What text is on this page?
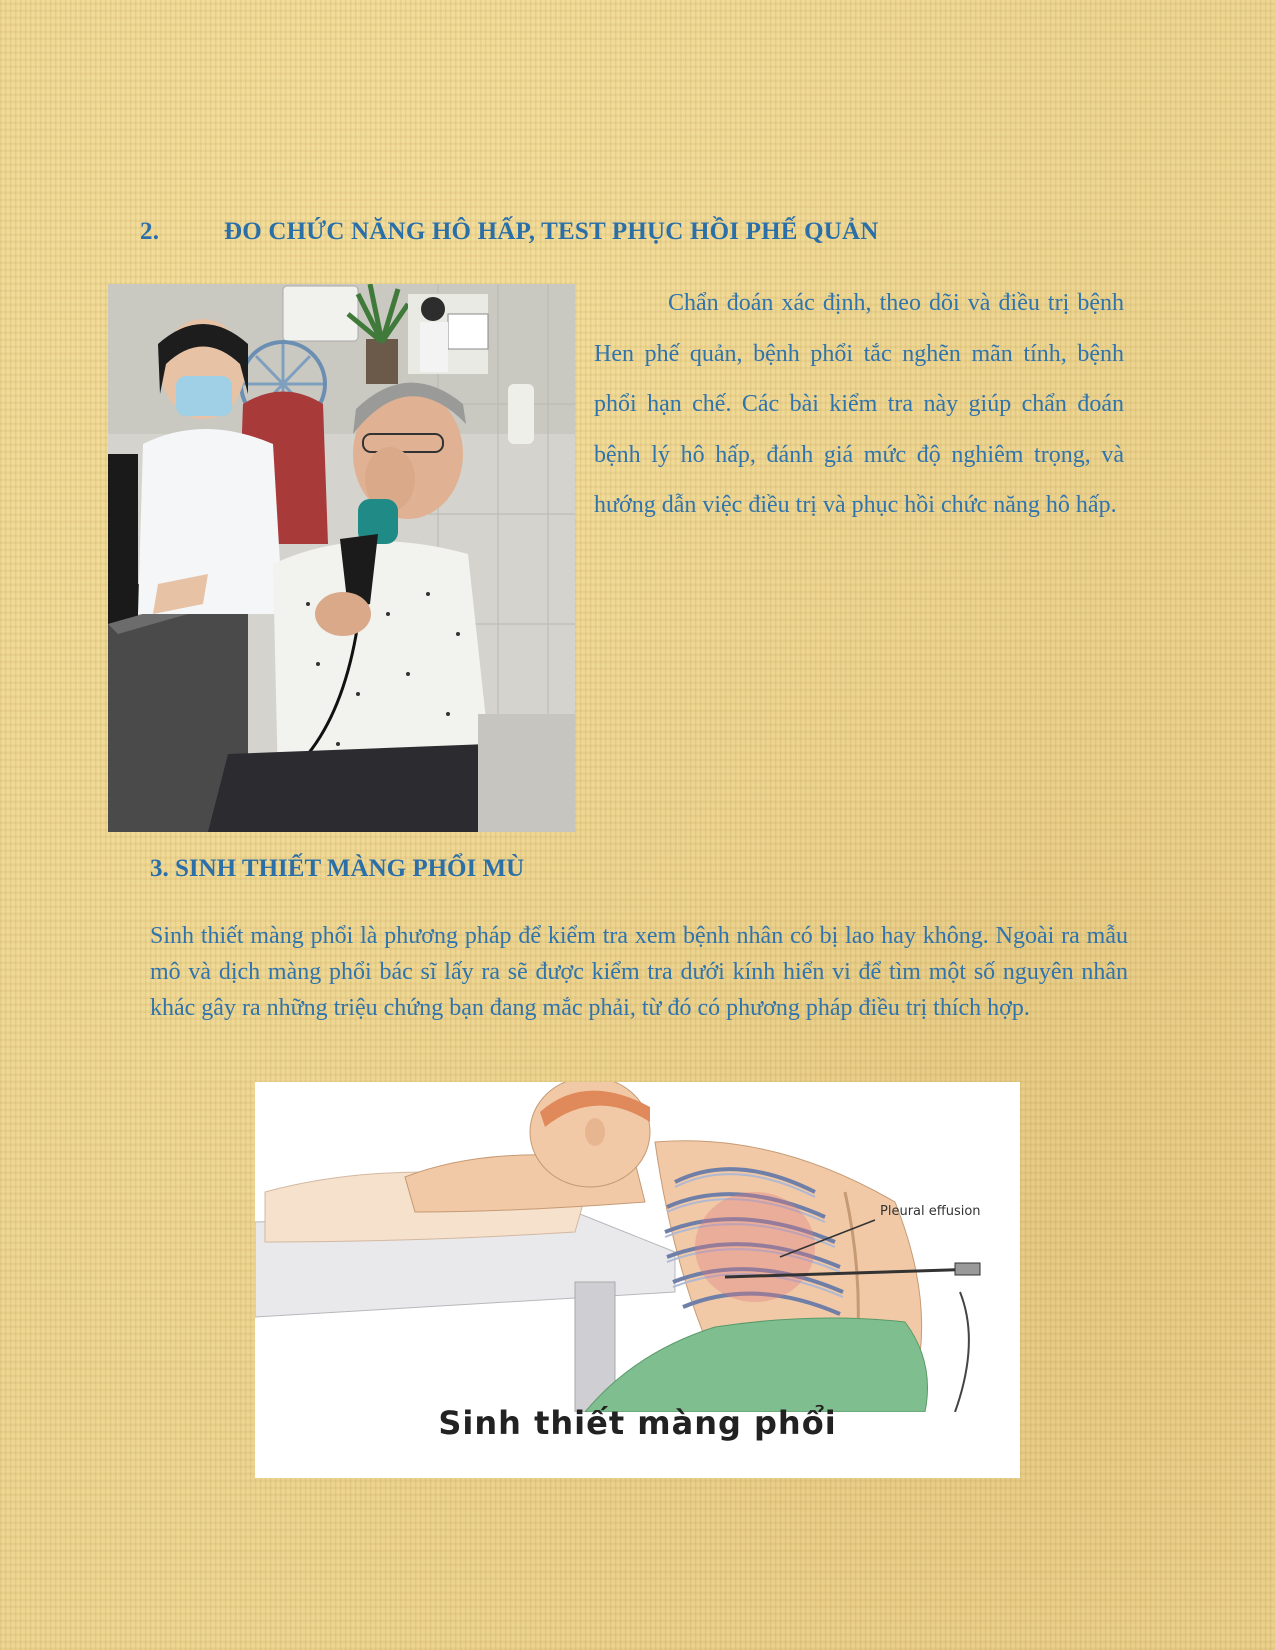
2.	ĐO CHỨC NĂNG HÔ HẤP, TEST PHỤC HỒI PHẾ QUẢN

Chẩn đoán xác định, theo dõi và điều trị bệnh Hen phế quản, bệnh phổi tắc nghẽn mãn tính, bệnh phổi hạn chế. Các bài kiểm tra này giúp chẩn đoán bệnh lý hô hấp, đánh giá mức độ nghiêm trọng, và hướng dẫn việc điều trị và phục hồi chức năng hô hấp.

3. SINH THIẾT MÀNG PHỔI MÙ

Sinh thiết màng phổi là phương pháp để kiểm tra xem bệnh nhân có bị lao hay không. Ngoài ra mẫu mô và dịch màng phổi bác sĩ lấy ra sẽ được kiểm tra dưới kính hiển vi để tìm một số nguyên nhân khác gây ra những triệu chứng bạn đang mắc phải, từ đó có phương pháp điều trị thích hợp.

Pleural effusion
Sinh thiết màng phổi
